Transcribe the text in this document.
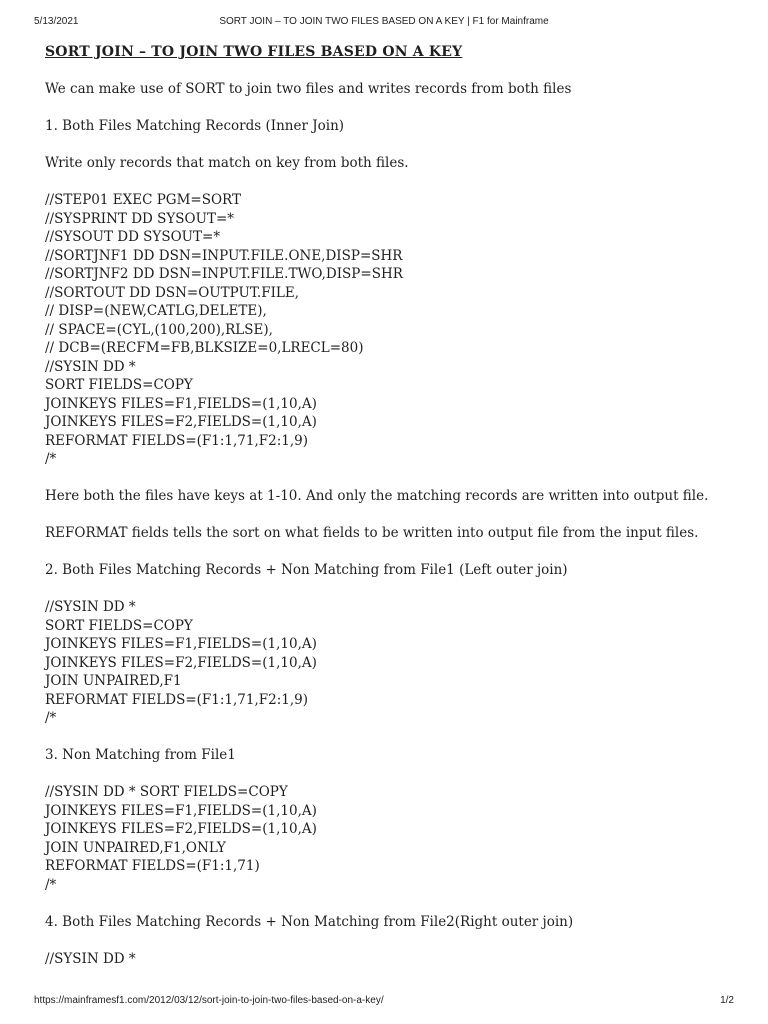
5/13/2021	SORT JOIN – TO JOIN TWO FILES BASED ON A KEY | F1 for Mainframe
SORT JOIN – TO JOIN TWO FILES BASED ON A KEY
We can make use of SORT to join two files and writes records from both files
1. Both Files Matching Records (Inner Join)
Write only records that match on key from both files.
//STEP01 EXEC PGM=SORT
//SYSPRINT DD SYSOUT=*
//SYSOUT DD SYSOUT=*
//SORTJNF1 DD DSN=INPUT.FILE.ONE,DISP=SHR
//SORTJNF2 DD DSN=INPUT.FILE.TWO,DISP=SHR
//SORTOUT DD DSN=OUTPUT.FILE,
// DISP=(NEW,CATLG,DELETE),
// SPACE=(CYL,(100,200),RLSE),
// DCB=(RECFM=FB,BLKSIZE=0,LRECL=80)
//SYSIN DD *
SORT FIELDS=COPY
JOINKEYS FILES=F1,FIELDS=(1,10,A)
JOINKEYS FILES=F2,FIELDS=(1,10,A)
REFORMAT FIELDS=(F1:1,71,F2:1,9)
/*
Here both the files have keys at 1-10. And only the matching records are written into output file.
REFORMAT fields tells the sort on what fields to be written into output file from the input files.
2. Both Files Matching Records + Non Matching from File1 (Left outer join)
//SYSIN DD *
SORT FIELDS=COPY
JOINKEYS FILES=F1,FIELDS=(1,10,A)
JOINKEYS FILES=F2,FIELDS=(1,10,A)
JOIN UNPAIRED,F1
REFORMAT FIELDS=(F1:1,71,F2:1,9)
/*
3. Non Matching from File1
//SYSIN DD * SORT FIELDS=COPY
JOINKEYS FILES=F1,FIELDS=(1,10,A)
JOINKEYS FILES=F2,FIELDS=(1,10,A)
JOIN UNPAIRED,F1,ONLY
REFORMAT FIELDS=(F1:1,71)
/*
4. Both Files Matching Records + Non Matching from File2(Right outer join)
//SYSIN DD *
https://mainframesf1.com/2012/03/12/sort-join-to-join-two-files-based-on-a-key/	1/2
